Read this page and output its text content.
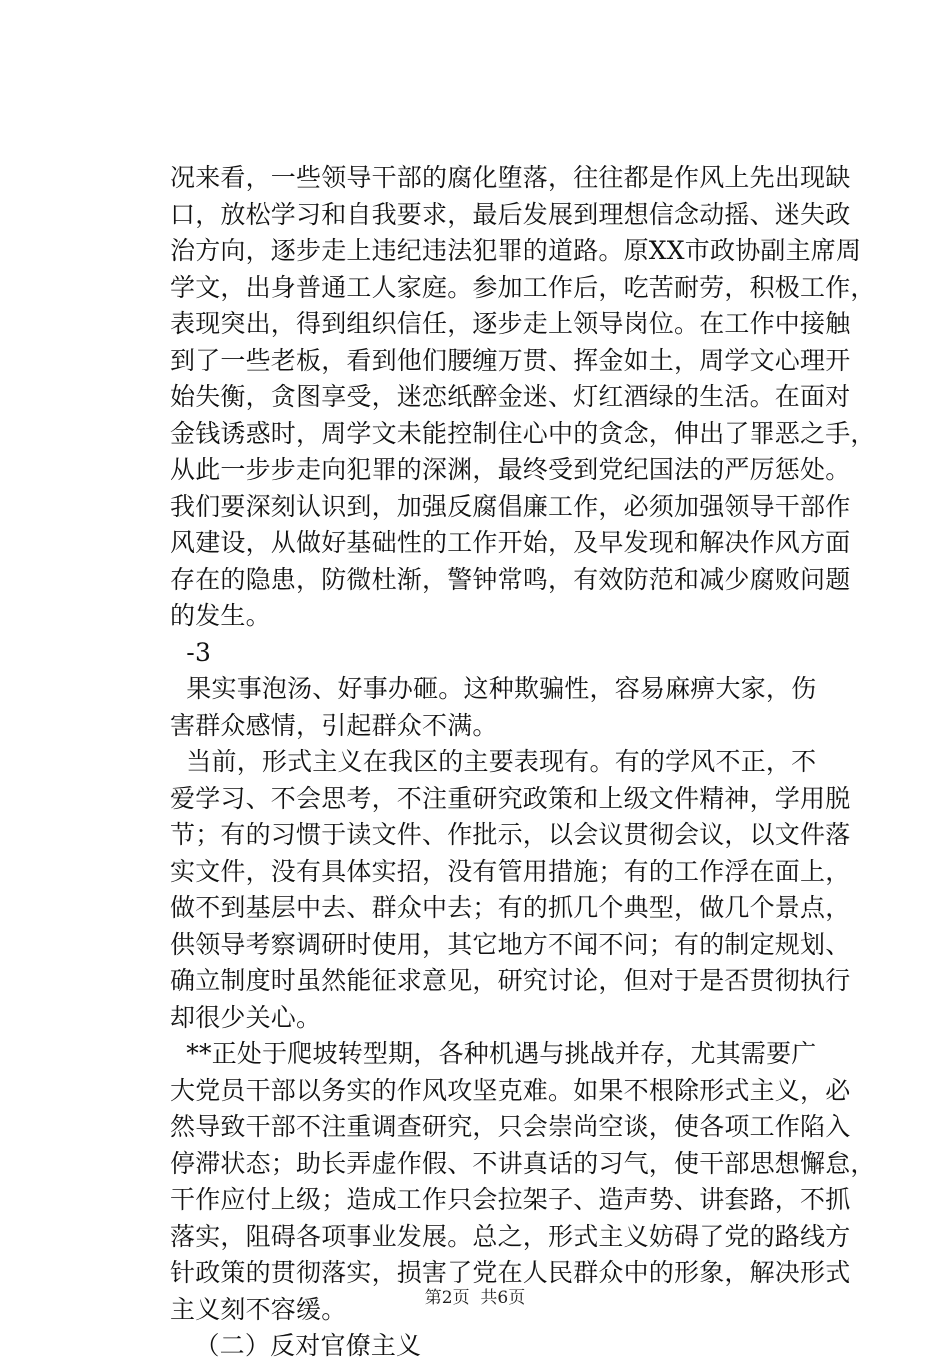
况来看，一些领导干部的腐化堕落，往往都是作风上先出现缺
口，放松学习和自我要求，最后发展到理想信念动摇、迷失政
治方向，逐步走上违纪违法犯罪的道路。原XX市政协副主席周
学文，出身普通工人家庭。参加工作后，吃苦耐劳，积极工作，
表现突出，得到组织信任，逐步走上领导岗位。在工作中接触
到了一些老板，看到他们腰缠万贯、挥金如土，周学文心理开
始失衡，贪图享受，迷恋纸醉金迷、灯红酒绿的生活。在面对
金钱诱惑时，周学文未能控制住心中的贪念，伸出了罪恶之手，
从此一步步走向犯罪的深渊，最终受到党纪国法的严厉惩处。
我们要深刻认识到，加强反腐倡廉工作，必须加强领导干部作
风建设，从做好基础性的工作开始，及早发现和解决作风方面
存在的隐患，防微杜渐，警钟常鸣，有效防范和减少腐败问题
的发生。
-3
果实事泡汤、好事办砸。这种欺骗性，容易麻痹大家，伤
害群众感情，引起群众不满。
当前，形式主义在我区的主要表现有。有的学风不正，不
爱学习、不会思考，不注重研究政策和上级文件精神，学用脱
节；有的习惯于读文件、作批示，以会议贯彻会议，以文件落
实文件，没有具体实招，没有管用措施；有的工作浮在面上，
做不到基层中去、群众中去；有的抓几个典型，做几个景点，
供领导考察调研时使用，其它地方不闻不问；有的制定规划、
确立制度时虽然能征求意见，研究讨论，但对于是否贯彻执行
却很少关心。
**正处于爬坡转型期，各种机遇与挑战并存，尤其需要广
大党员干部以务实的作风攻坚克难。如果不根除形式主义，必
然导致干部不注重调查研究，只会崇尚空谈，使各项工作陷入
停滞状态；助长弄虚作假、不讲真话的习气，使干部思想懈怠，
干作应付上级；造成工作只会拉架子、造声势、讲套路，不抓
落实，阻碍各项事业发展。总之，形式主义妨碍了党的路线方
针政策的贯彻落实，损害了党在人民群众中的形象，解决形式
主义刻不容缓。
（二）反对官僚主义
第2页  共6页
